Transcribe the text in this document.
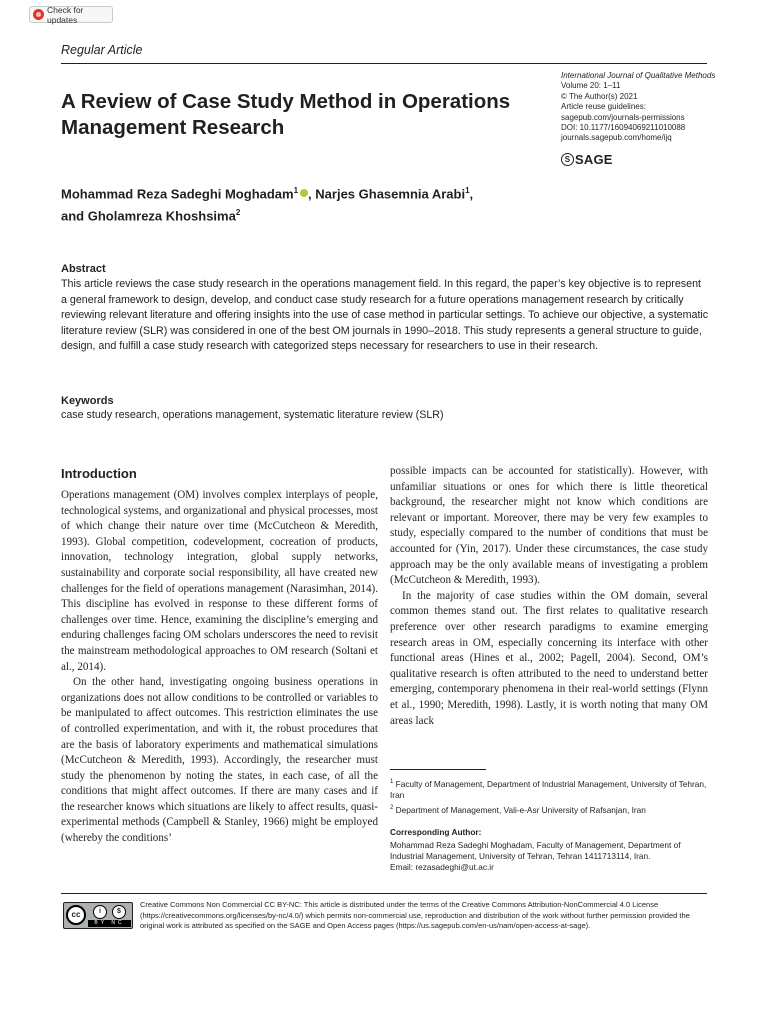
Check for updates
Regular Article
A Review of Case Study Method in Operations Management Research
International Journal of Qualitative Methods
Volume 20: 1–11
© The Author(s) 2021
Article reuse guidelines:
sagepub.com/journals-permissions
DOI: 10.1177/16094069211010088
journals.sagepub.com/home/ijq
S SAGE
Mohammad Reza Sadeghi Moghadam$^1$ , Narjes Ghasemnia Arabi$^1$,
and Gholamreza Khoshsima$^2$
Abstract

This article reviews the case study research in the operations management field. In this regard, the paper’s key objective is to represent a general framework to design, develop, and conduct case study research for a future operations management research by critically reviewing relevant literature and offering insights into the use of case method in particular settings. To achieve our objective, a systematic literature review (SLR) was considered in one of the best OM journals in 1990–2018. This study represents a general structure to guide, design, and fulfill a case study research with categorized steps necessary for researchers to use in their research.

Keywords
case study research, operations management, systematic literature review (SLR)
Introduction

Operations management (OM) involves complex interplays of people, technological systems, and organizational and physical processes, most of which change their nature over time (McCutcheon & Meredith, 1993). Global competition, codevelopment, cocreation of products, innovation, technology integration, global supply networks, sustainability and corporate social responsibility, all have created new challenges for the field of operations management (Narasimhan, 2014). This discipline has evolved in response to these different forms of challenges over time. Hence, examining the discipline’s emerging and enduring challenges facing OM scholars underscores the need to revisit the mainstream methodological approaches to OM research (Soltani et al., 2014).

On the other hand, investigating ongoing business operations in organizations does not allow conditions to be controlled or variables to be manipulated to affect outcomes. This restriction eliminates the use of controlled experimentation, and with it, the robust procedures that are the basis of laboratory experiments and mathematical simulations (McCutcheon & Meredith, 1993). Accordingly, the researcher must study the phenomenon by noting the states, in each case, of all the conditions that might affect outcomes. If there are many cases and if the researcher knows which situations are likely to affect results, quasi-experimental methods (Campbell & Stanley, 1966) might be employed (whereby the conditions’

possible impacts can be accounted for statistically). However, with unfamiliar situations or ones for which there is little theoretical background, the researcher might not know which conditions are relevant or important. Moreover, there may be very few examples to study, especially compared to the number of conditions that must be accounted for (Yin, 2017). Under these circumstances, the case study approach may be the only available means of investigating a problem (McCutcheon & Meredith, 1993).

In the majority of case studies within the OM domain, several common themes stand out. The first relates to qualitative research preference over other research paradigms to examine emerging research areas in OM, especially concerning its interface with other functional areas (Hines et al., 2002; Pagell, 2004). Second, OM’s qualitative research is often attributed to the need to understand better emerging, contemporary phenomena in their real-world settings (Flynn et al., 1990; Meredith, 1998). Lastly, it is worth noting that many OM areas lack

$^1$ Faculty of Management, Department of Industrial Management, University of Tehran, Iran
$^2$ Department of Management, Vali-e-Asr University of Rafsanjan, Iran
Corresponding Author:
Mohammad Reza Sadeghi Moghadam, Faculty of Management, Department of Industrial Management, University of Tehran, Tehran 1411713114, Iran.
Email: rezasadeghi@ut.ac.ir
cc	i	$
BY NC
Creative Commons Non Commercial CC BY-NC: This article is distributed under the terms of the Creative Commons Attribution-NonCommercial 4.0 License (https://creativecommons.org/licenses/by-nc/4.0/) which permits non-commercial use, reproduction and distribution of the work without further permission provided the original work is attributed as specified on the SAGE and Open Access pages (https://us.sagepub.com/en-us/nam/open-access-at-sage).
